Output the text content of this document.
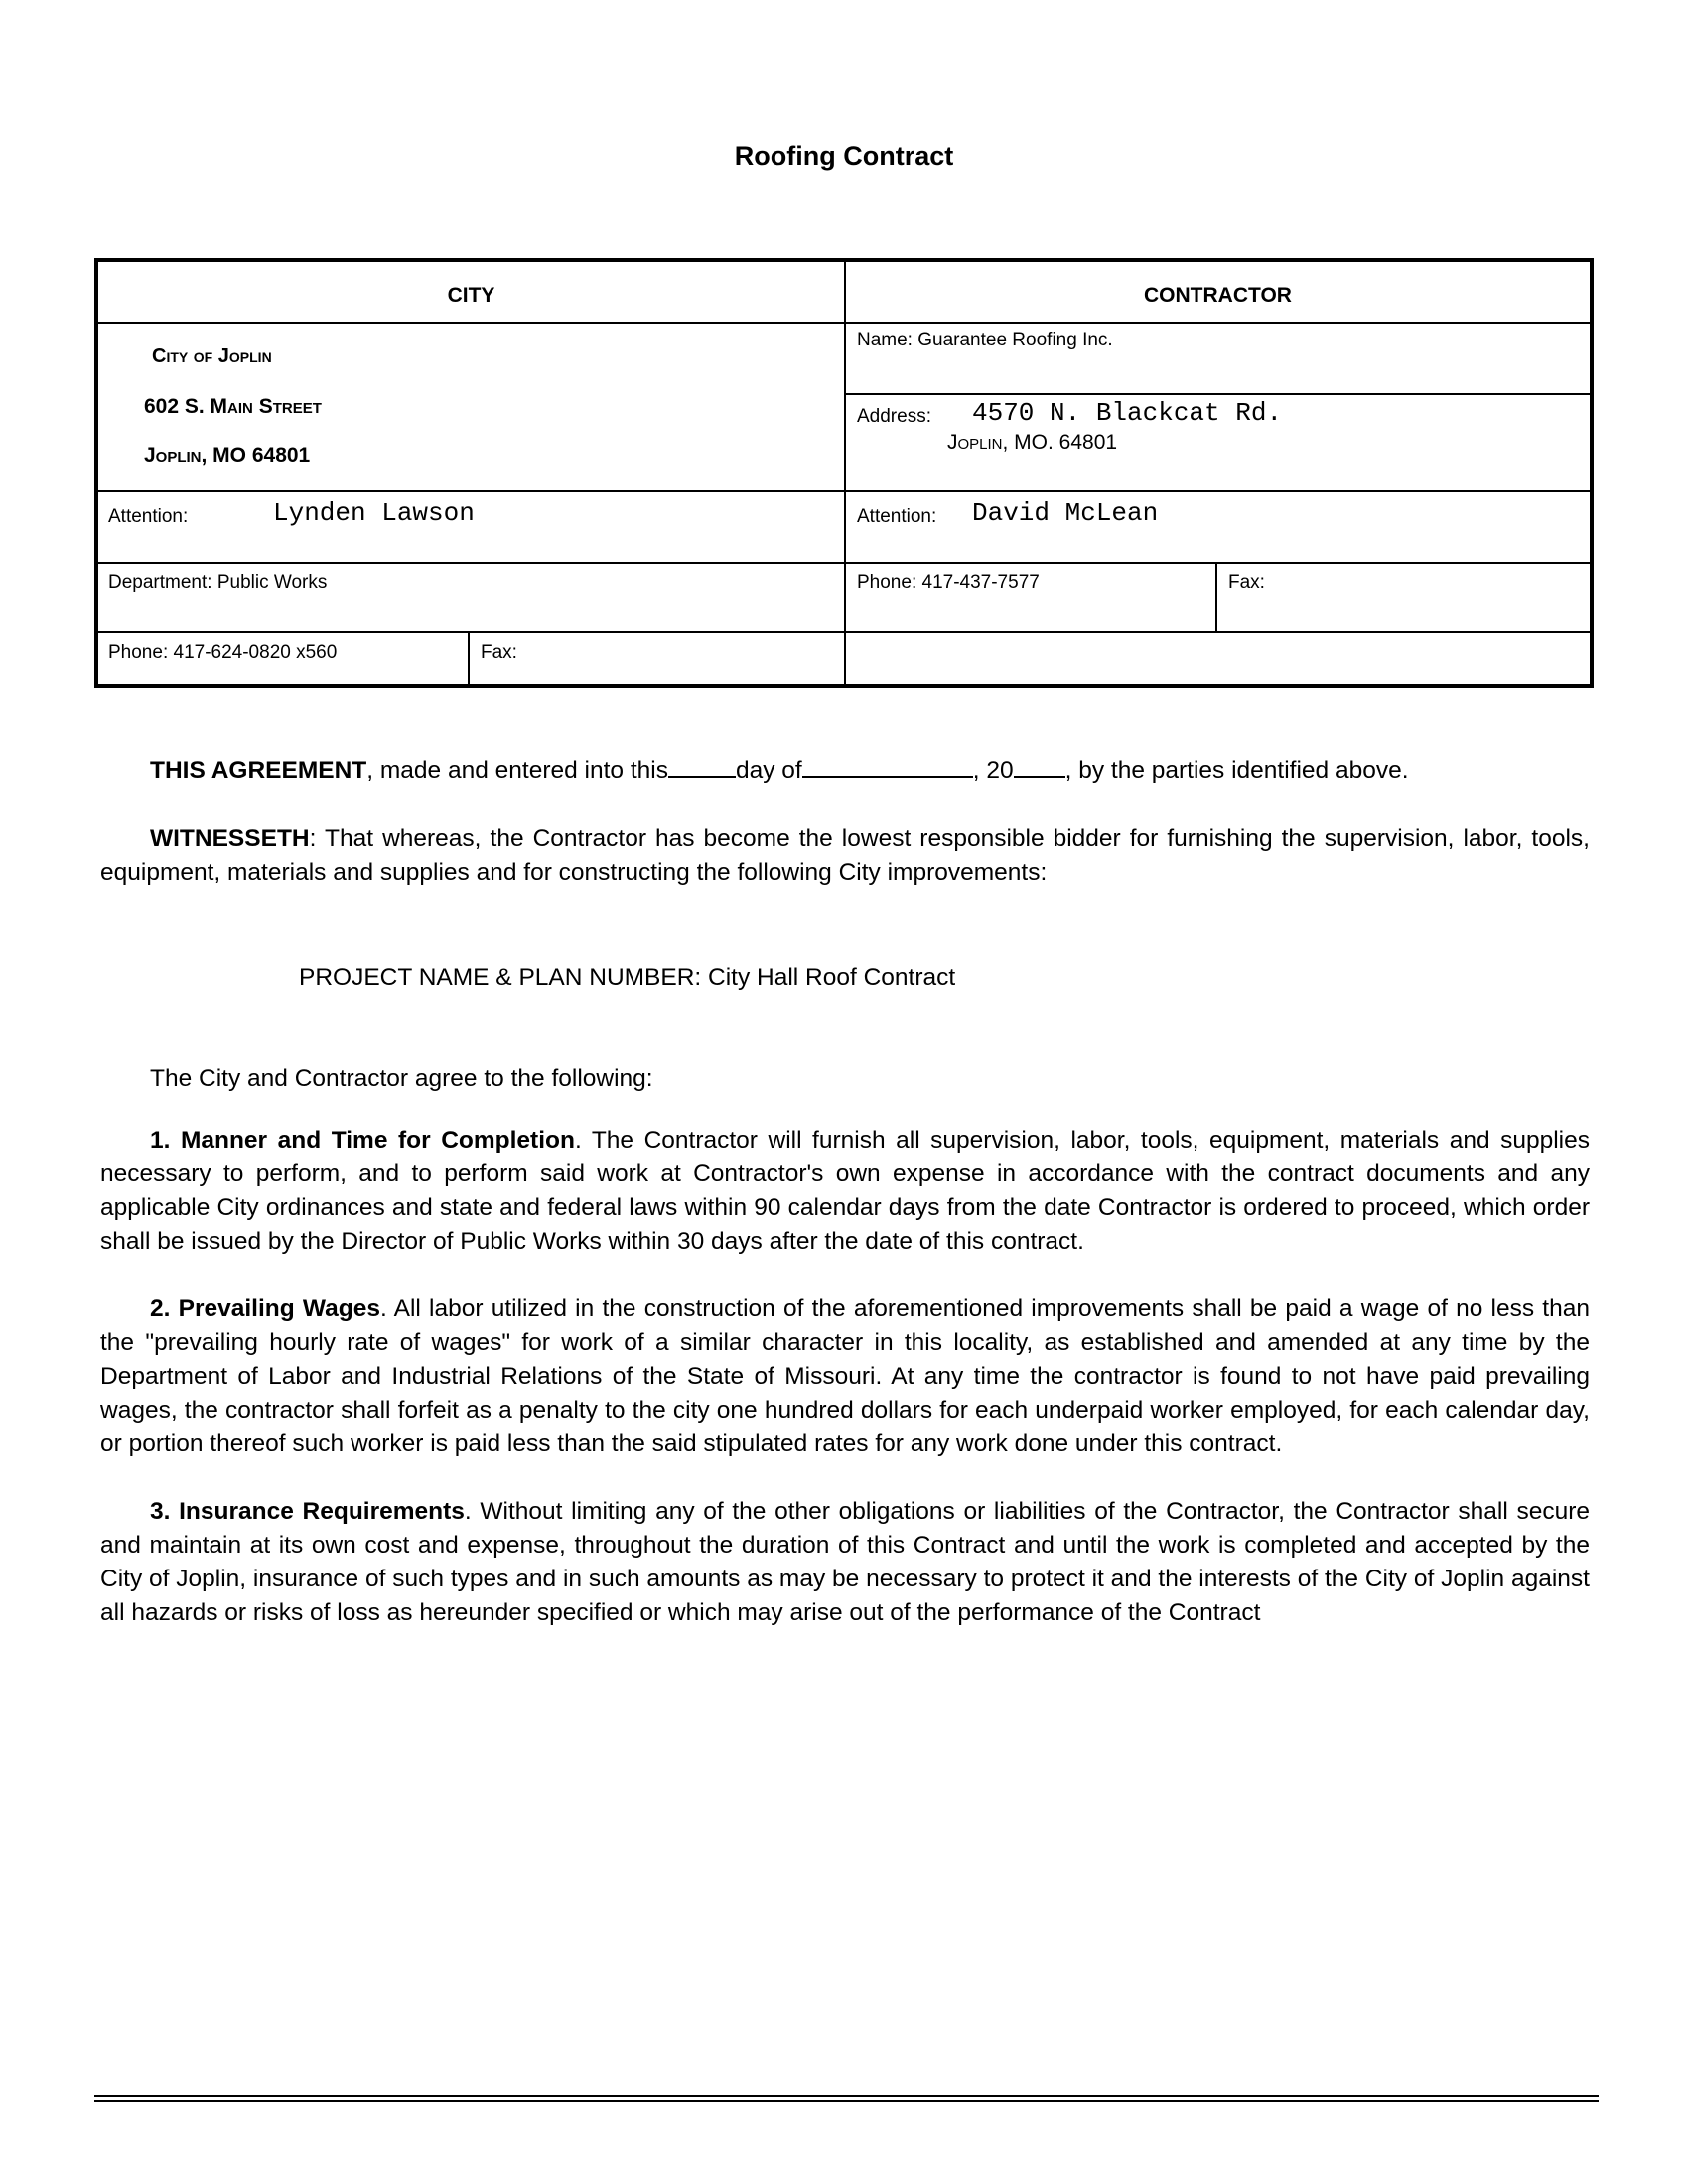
Roofing Contract
CITY	CONTRACTOR
City of Joplin
602 S. Main Street
Joplin, MO 64801
Name: Guarantee Roofing Inc.
Address: 4570 N. Blackcat Rd.
Joplin, MO. 64801
Attention:	Lynden Lawson	Attention: David McLean
Department: Public Works	Phone: 417-437-7577	Fax:
Phone: 417-624-0820 x560	Fax:
THIS AGREEMENT, made and entered into this	day of	, 20 , by the parties identified above.
WITNESSETH: That whereas, the Contractor has become the lowest responsible bidder for furnishing the supervision, labor, tools, equipment, materials and supplies and for constructing the following City improvements:
PROJECT NAME & PLAN NUMBER: City Hall Roof Contract
The City and Contractor agree to the following:
1. Manner and Time for Completion. The Contractor will furnish all supervision, labor, tools, equipment, materials and supplies necessary to perform, and to perform said work at Contractor's own expense in accordance with the contract documents and any applicable City ordinances and state and federal laws within 90 calendar days from the date Contractor is ordered to proceed, which order shall be issued by the Director of Public Works within 30 days after the date of this contract.
2. Prevailing Wages. All labor utilized in the construction of the aforementioned improvements shall be paid a wage of no less than the "prevailing hourly rate of wages" for work of a similar character in this locality, as established and amended at any time by the Department of Labor and Industrial Relations of the State of Missouri. At any time the contractor is found to not have paid prevailing wages, the contractor shall forfeit as a penalty to the city one hundred dollars for each underpaid worker employed, for each calendar day, or portion thereof such worker is paid less than the said stipulated rates for any work done under this contract.
3. Insurance Requirements. Without limiting any of the other obligations or liabilities of the Contractor, the Contractor shall secure and maintain at its own cost and expense, throughout the duration of this Contract and until the work is completed and accepted by the City of Joplin, insurance of such types and in such amounts as may be necessary to protect it and the interests of the City of Joplin against all hazards or risks of loss as hereunder specified or which may arise out of the performance of the Contract
